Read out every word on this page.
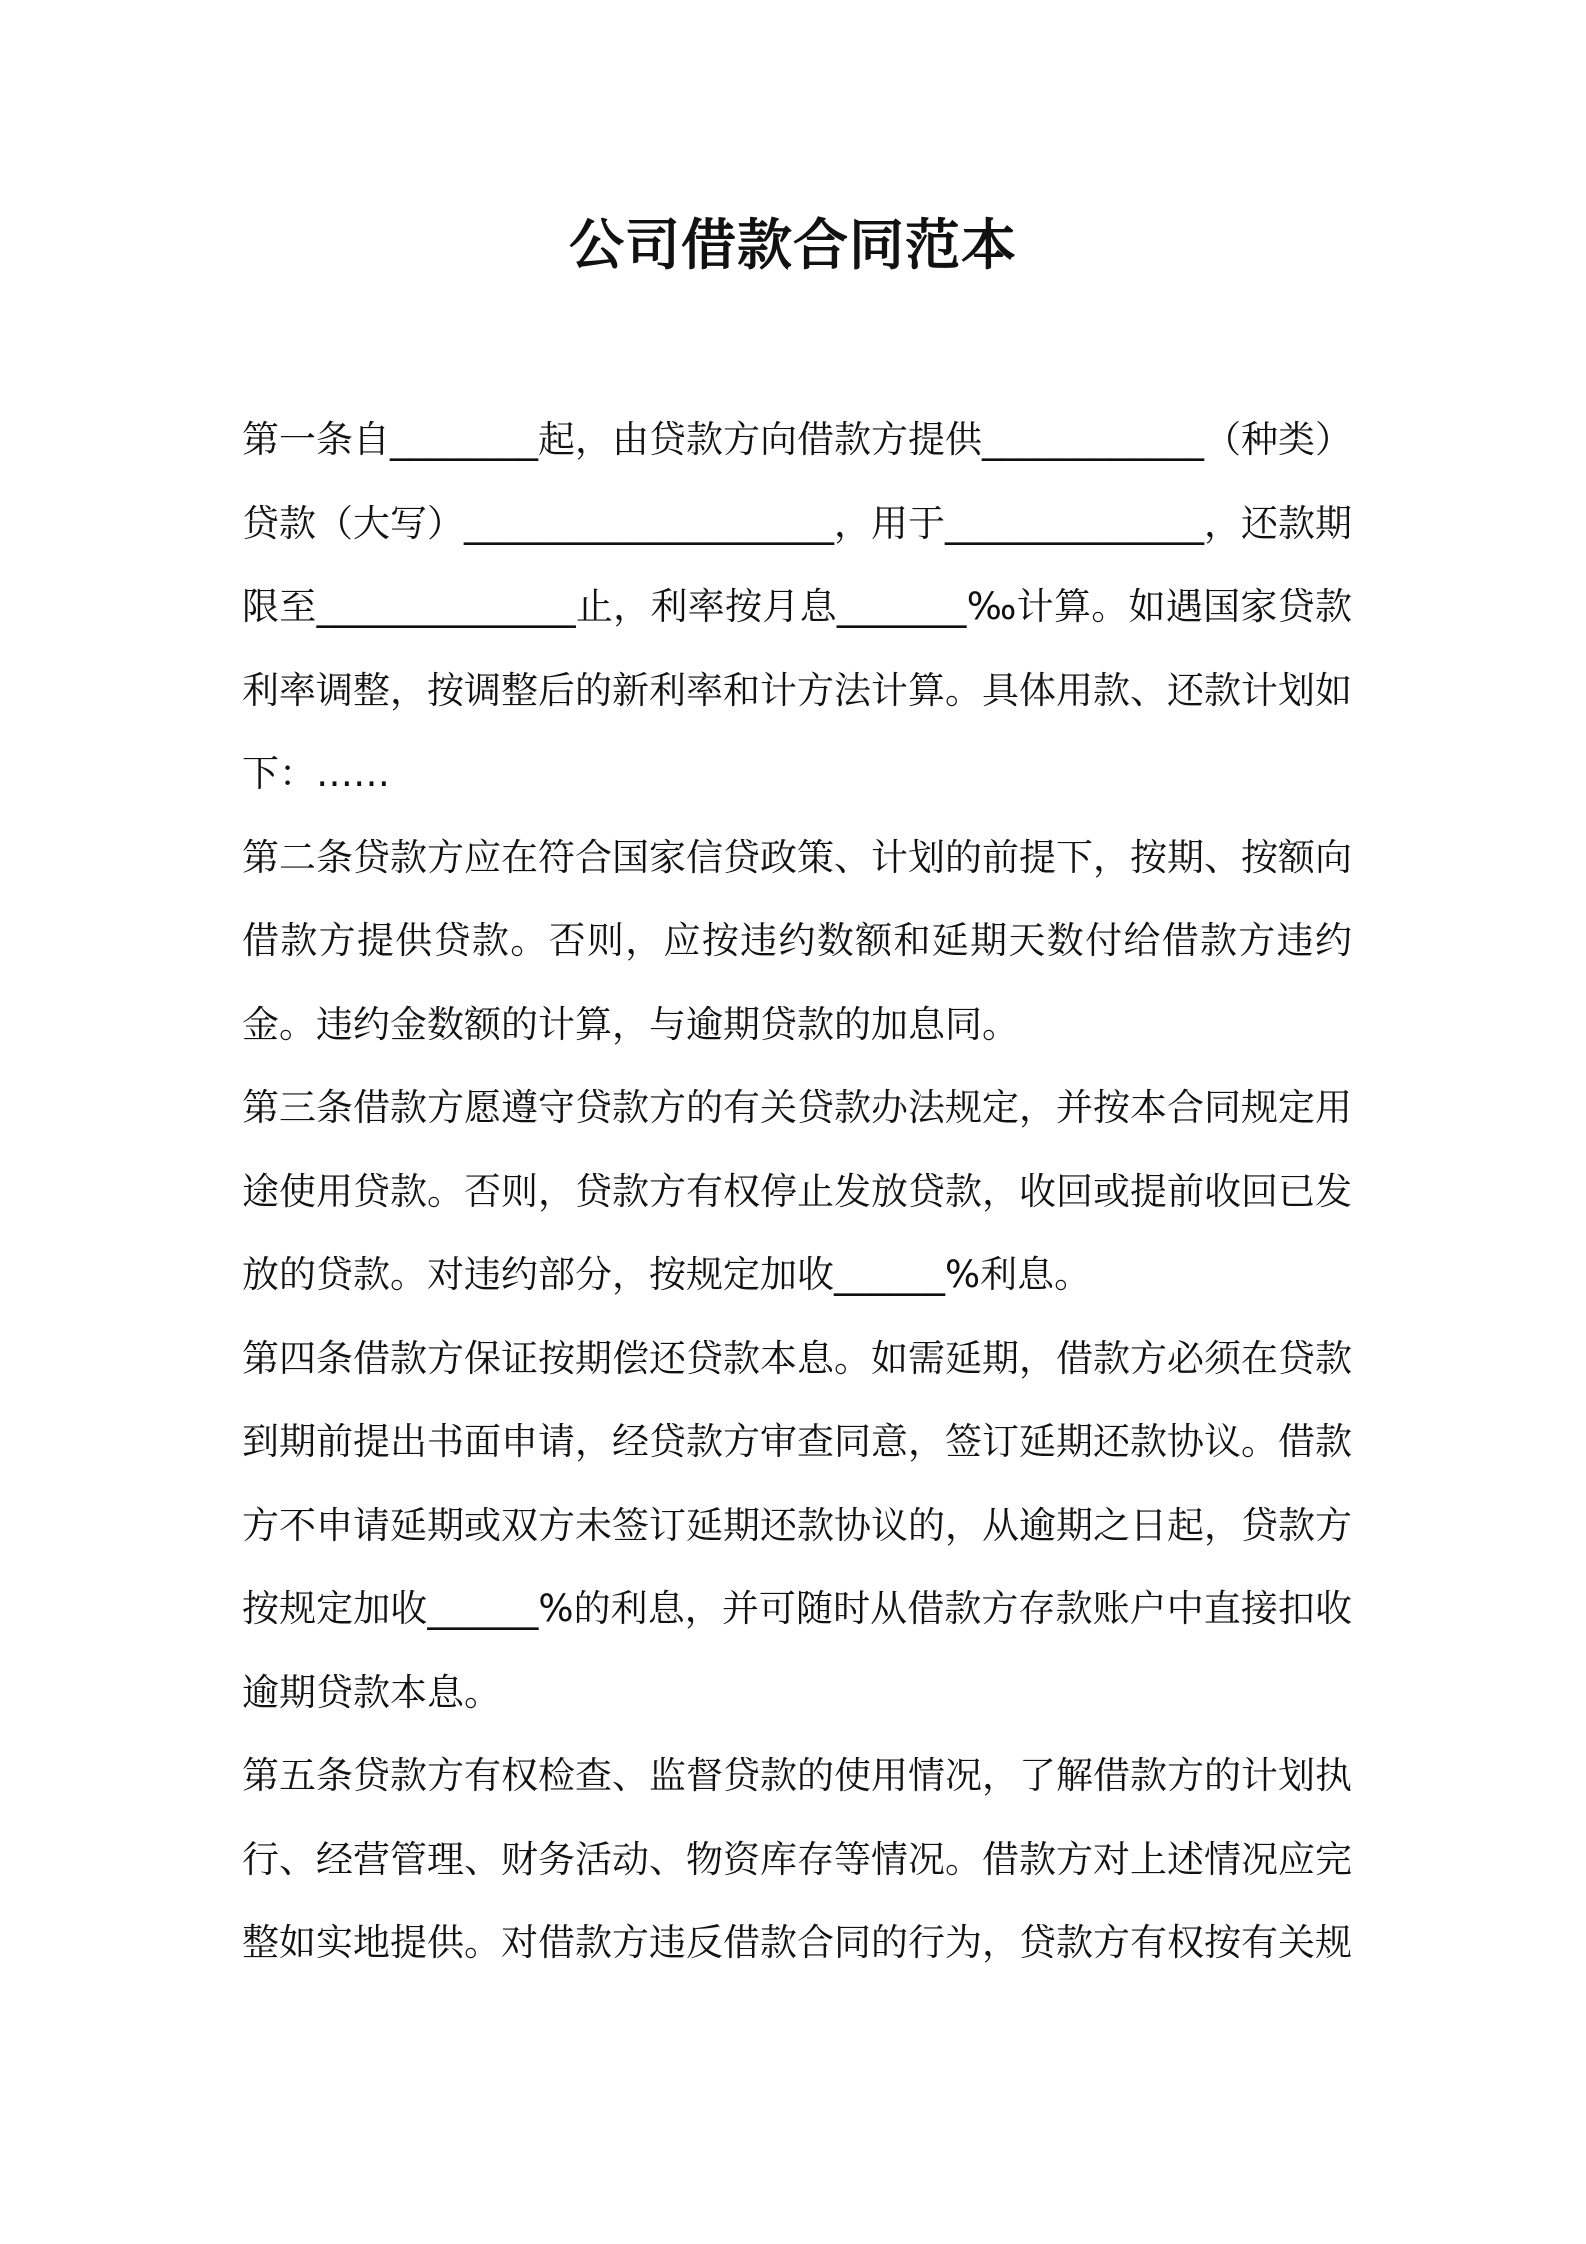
公司借款合同范本

第一条自________起，由贷款方向借款方提供____________（种类）贷款（大写）____________________，用于______________，还款期限至______________止，利率按月息_______‰计算。如遇国家贷款利率调整，按调整后的新利率和计方法计算。具体用款、还款计划如下：……

第二条贷款方应在符合国家信贷政策、计划的前提下，按期、按额向借款方提供贷款。否则，应按违约数额和延期天数付给借款方违约金。违约金数额的计算，与逾期贷款的加息同。

第三条借款方愿遵守贷款方的有关贷款办法规定，并按本合同规定用途使用贷款。否则，贷款方有权停止发放贷款，收回或提前收回已发放的贷款。对违约部分，按规定加收______%利息。

第四条借款方保证按期偿还贷款本息。如需延期，借款方必须在贷款到期前提出书面申请，经贷款方审查同意，签订延期还款协议。借款方不申请延期或双方未签订延期还款协议的，从逾期之日起，贷款方按规定加收______%的利息，并可随时从借款方存款账户中直接扣收逾期贷款本息。

第五条贷款方有权检查、监督贷款的使用情况，了解借款方的计划执行、经营管理、财务活动、物资库存等情况。借款方对上述情况应完整如实地提供。对借款方违反借款合同的行为，贷款方有权按有关规
